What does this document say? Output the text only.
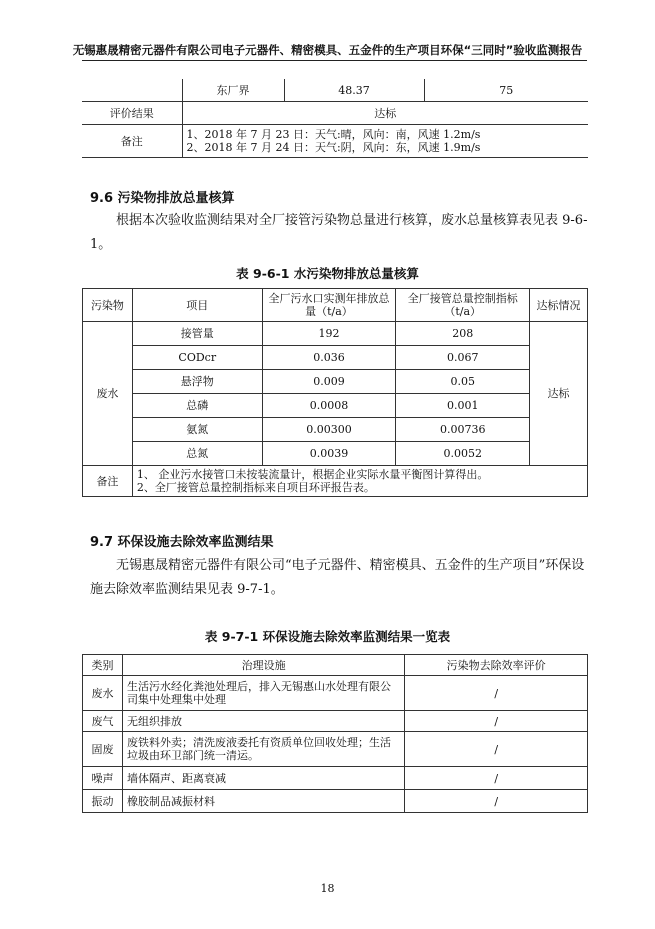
无锡惠晟精密元器件有限公司电子元器件、精密模具、五金件的生产项目环保“三同时”验收监测报告
	东厂界	48.37	75
评价结果	达标		
备注	1、2018 年 7 月 23 日：天气:晴，风向：南，风速 1.2m/s
2、2018 年 7 月 24 日：天气:阴，风向：东，风速 1.9m/s		
9.6 污染物排放总量核算
根据本次验收监测结果对全厂接管污染物总量进行核算，废水总量核算表见表 9-6-1。
表 9-6-1 水污染物排放总量核算
污染物	项目	全厂污水口实测年排放总量（t/a）	全厂接管总量控制指标（t/a）	达标情况
废水	接管量	192	208	达标
	CODcr	0.036	0.067	
	悬浮物	0.009	0.05	
	总磷	0.0008	0.001	
	氨氮	0.00300	0.00736	
	总氮	0.0039	0.0052	
备注	1、 企业污水接管口未按装流量计，根据企业实际水量平衡图计算得出。
2、全厂接管总量控制指标来自项目环评报告表。			
9.7 环保设施去除效率监测结果
无锡惠晟精密元器件有限公司“电子元器件、精密模具、五金件的生产项目”环保设施去除效率监测结果见表 9-7-1。
表 9-7-1 环保设施去除效率监测结果一览表
类别	治理设施	污染物去除效率评价
废水	生活污水经化粪池处理后，排入无锡惠山水处理有限公司集中处理集中处理	/
废气	无组织排放	/
固废	废铁料外卖；清洗废液委托有资质单位回收处理；生活垃圾由环卫部门统一清运。	/
噪声	墙体隔声、距离衰减	/
振动	橡胶制品减振材料	/
18
